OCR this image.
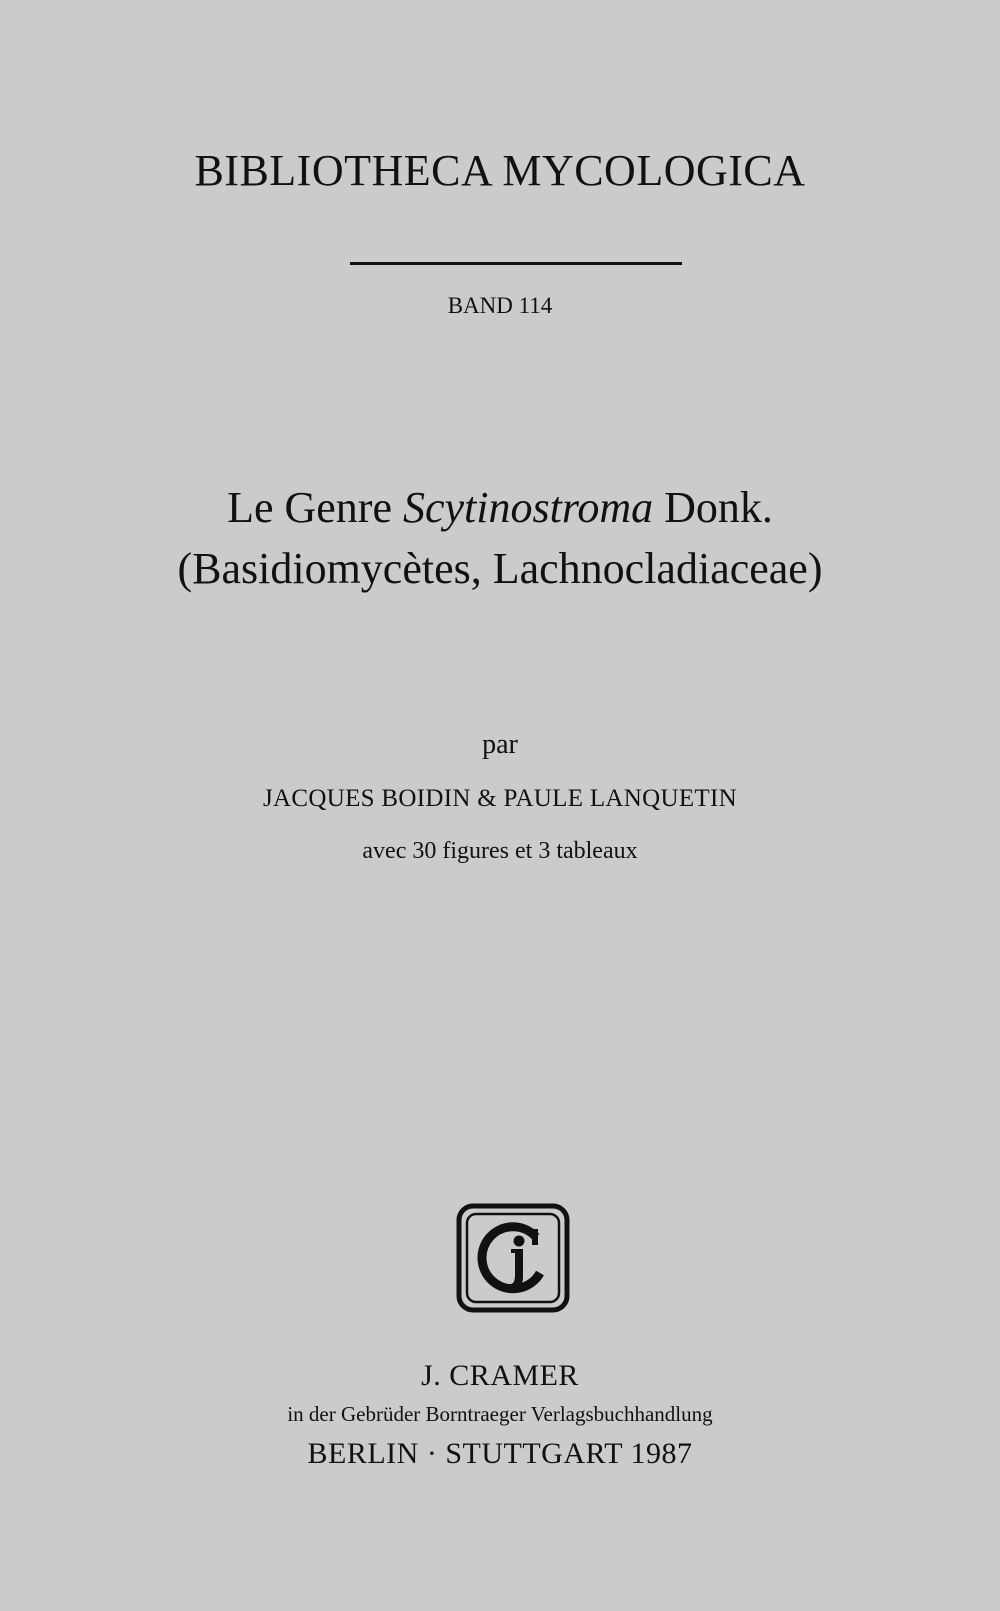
BIBLIOTHECA MYCOLOGICA
BAND 114
Le Genre Scytinostroma Donk.
(Basidiomycètes, Lachnocladiaceae)
par
JACQUES BOIDIN & PAULE LANQUETIN
avec 30 figures et 3 tableaux
J. CRAMER
in der Gebrüder Borntraeger Verlagsbuchhandlung
BERLIN · STUTTGART 1987
